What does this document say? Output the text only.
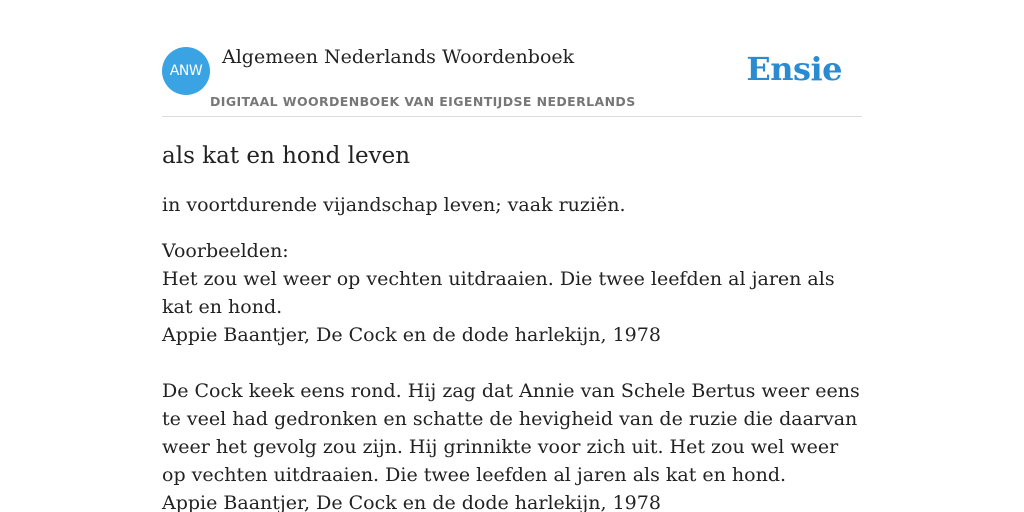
ANW
Algemeen Nederlands Woordenboek
DIGITAAL WOORDENBOEK VAN EIGENTIJDSE NEDERLANDS
Ensie
als kat en hond leven

in voortdurende vijandschap leven; vaak ruziën.

Voorbeelden:
Het zou wel weer op vechten uitdraaien. Die twee leefden al jaren als kat en hond.
Appie Baantjer, De Cock en de dode harlekijn, 1978
De Cock keek eens rond. Hij zag dat Annie van Schele Bertus weer eens te veel had gedronken en schatte de hevigheid van de ruzie die daarvan weer het gevolg zou zijn. Hij grinnikte voor zich uit. Het zou wel weer op vechten uitdraaien. Die twee leefden al jaren als kat en hond.
Appie Baantjer, De Cock en de dode harlekijn, 1978
